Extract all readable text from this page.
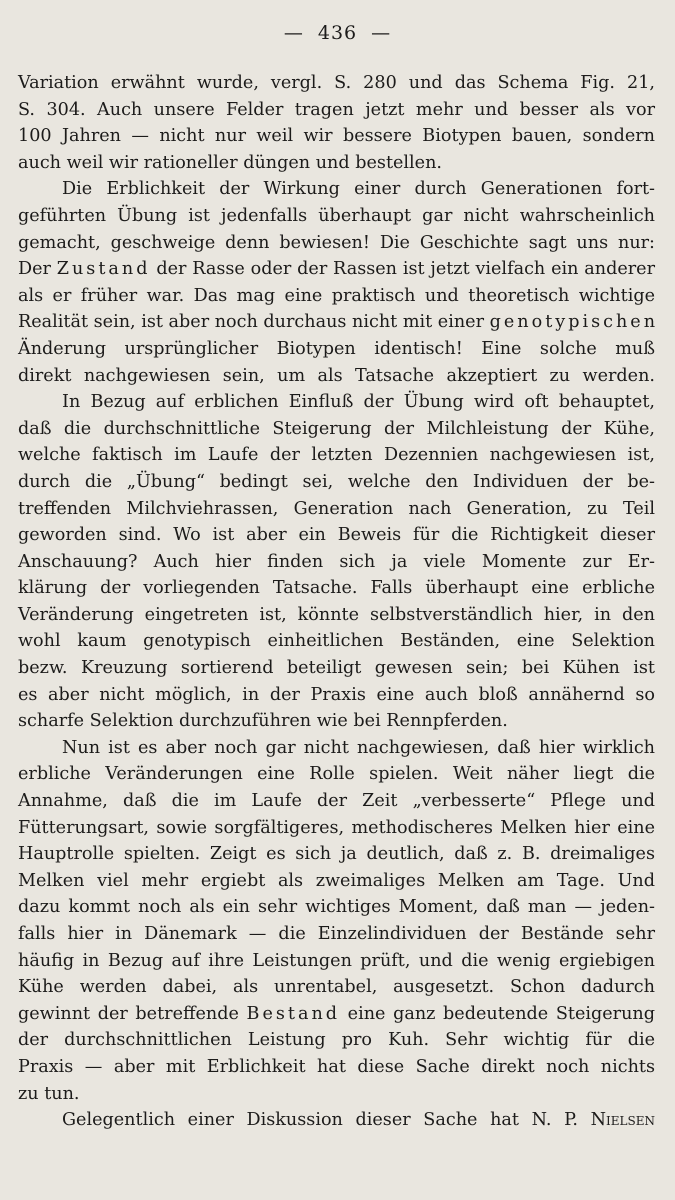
— 436 —
Variation erwähnt wurde, vergl. S. 280 und das Schema Fig. 21,
S. 304. Auch unsere Felder tragen jetzt mehr und besser als vor
100 Jahren — nicht nur weil wir bessere Biotypen bauen, sondern
auch weil wir rationeller düngen und bestellen.
Die Erblichkeit der Wirkung einer durch Generationen fort-
geführten Übung ist jedenfalls überhaupt gar nicht wahrscheinlich
gemacht, geschweige denn bewiesen! Die Geschichte sagt uns nur:
Der Zustand der Rasse oder der Rassen ist jetzt vielfach ein anderer
als er früher war. Das mag eine praktisch und theoretisch wichtige
Realität sein, ist aber noch durchaus nicht mit einer genotypischen
Änderung ursprünglicher Biotypen identisch! Eine solche muß
direkt nachgewiesen sein, um als Tatsache akzeptiert zu werden.
In Bezug auf erblichen Einfluß der Übung wird oft behauptet,
daß die durchschnittliche Steigerung der Milchleistung der Kühe,
welche faktisch im Laufe der letzten Dezennien nachgewiesen ist,
durch die „Übung“ bedingt sei, welche den Individuen der be-
treffenden Milchviehrassen, Generation nach Generation, zu Teil
geworden sind. Wo ist aber ein Beweis für die Richtigkeit dieser
Anschauung? Auch hier finden sich ja viele Momente zur Er-
klärung der vorliegenden Tatsache. Falls überhaupt eine erbliche
Veränderung eingetreten ist, könnte selbstverständlich hier, in den
wohl kaum genotypisch einheitlichen Beständen, eine Selektion
bezw. Kreuzung sortierend beteiligt gewesen sein; bei Kühen ist
es aber nicht möglich, in der Praxis eine auch bloß annähernd so
scharfe Selektion durchzuführen wie bei Rennpferden.
Nun ist es aber noch gar nicht nachgewiesen, daß hier wirklich
erbliche Veränderungen eine Rolle spielen. Weit näher liegt die
Annahme, daß die im Laufe der Zeit „verbesserte“ Pflege und
Fütterungsart, sowie sorgfältigeres, methodischeres Melken hier eine
Hauptrolle spielten. Zeigt es sich ja deutlich, daß z. B. dreimaliges
Melken viel mehr ergiebt als zweimaliges Melken am Tage. Und
dazu kommt noch als ein sehr wichtiges Moment, daß man — jeden-
falls hier in Dänemark — die Einzelindividuen der Bestände sehr
häufig in Bezug auf ihre Leistungen prüft, und die wenig ergiebigen
Kühe werden dabei, als unrentabel, ausgesetzt. Schon dadurch
gewinnt der betreffende Bestand eine ganz bedeutende Steigerung
der durchschnittlichen Leistung pro Kuh. Sehr wichtig für die
Praxis — aber mit Erblichkeit hat diese Sache direkt noch nichts
zu tun.
Gelegentlich einer Diskussion dieser Sache hat N. P. Nielsen
